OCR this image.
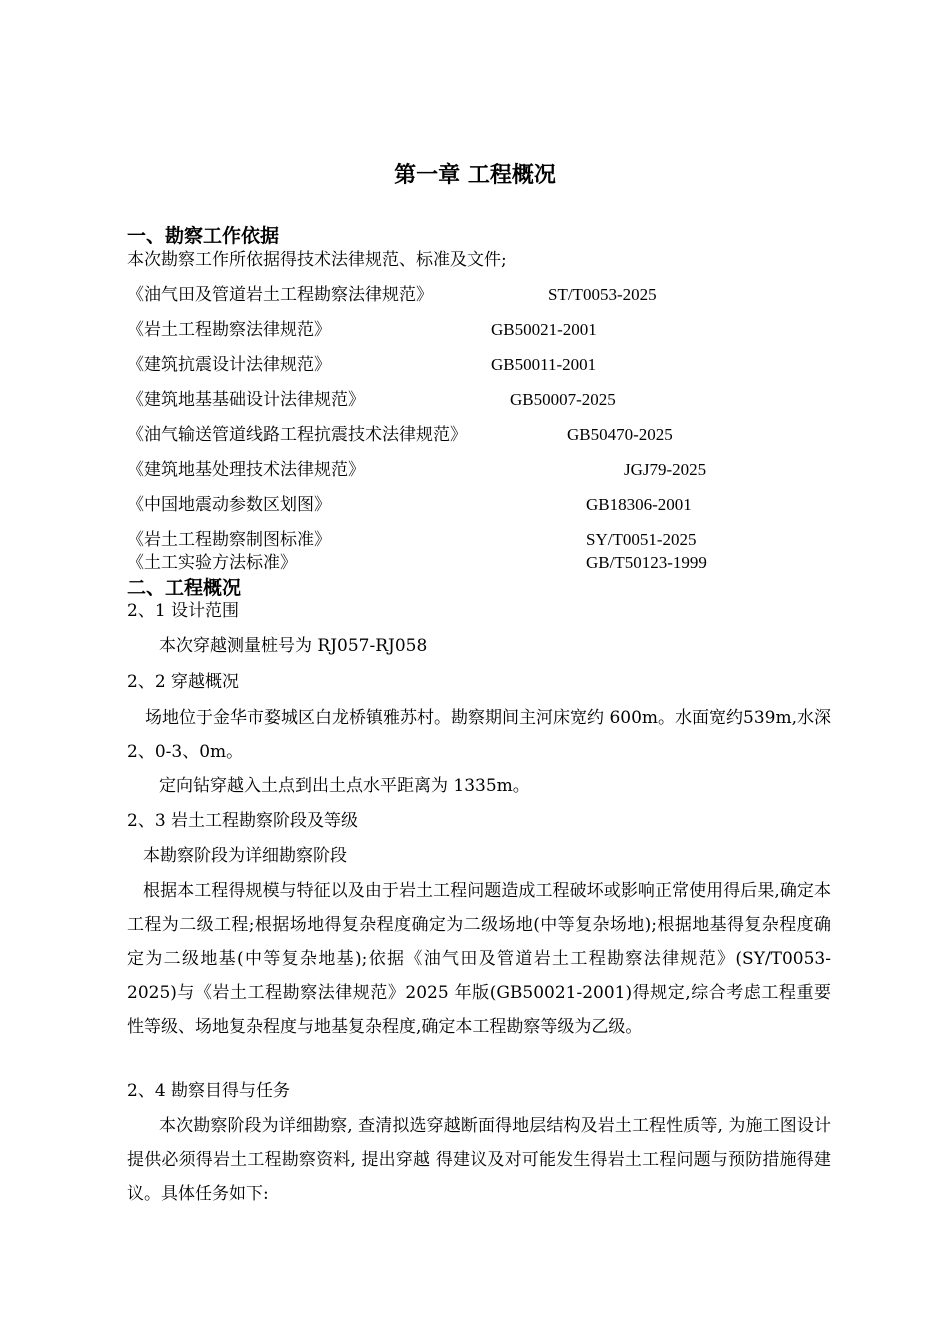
第一章 工程概况
一、勘察工作依据
本次勘察工作所依据得技术法律规范、标准及文件;
《油气田及管道岩土工程勘察法律规范》	ST/T0053-2025
《岩土工程勘察法律规范》	GB50021-2001
《建筑抗震设计法律规范》	GB50011-2001
《建筑地基基础设计法律规范》	GB50007-2025
《油气输送管道线路工程抗震技术法律规范》	GB50470-2025
《建筑地基处理技术法律规范》	JGJ79-2025
《中国地震动参数区划图》	GB18306-2001
《岩土工程勘察制图标准》	SY/T0051-2025
《土工实验方法标准》	GB/T50123-1999
二、工程概况
2、1 设计范围
本次穿越测量桩号为 RJ057-RJ058
2、2 穿越概况
场地位于金华市婺城区白龙桥镇雅苏村。勘察期间主河床宽约 600m。水面宽约539m,水深 2、0-3、0m。
定向钻穿越入土点到出土点水平距离为 1335m。
2、3 岩土工程勘察阶段及等级
本勘察阶段为详细勘察阶段
根据本工程得规模与特征以及由于岩土工程问题造成工程破坏或影响正常使用得后果,确定本工程为二级工程;根据场地得复杂程度确定为二级场地(中等复杂场地);根据地基得复杂程度确定为二级地基(中等复杂地基);依据《油气田及管道岩土工程勘察法律规范》(SY/T0053-2025)与《岩土工程勘察法律规范》2025 年版(GB50021-2001)得规定,综合考虑工程重要性等级、场地复杂程度与地基复杂程度,确定本工程勘察等级为乙级。
2、4 勘察目得与任务
本次勘察阶段为详细勘察, 查清拟选穿越断面得地层结构及岩土工程性质等, 为施工图设计提供必须得岩土工程勘察资料, 提出穿越 得建议及对可能发生得岩土工程问题与预防措施得建议。具体任务如下:
